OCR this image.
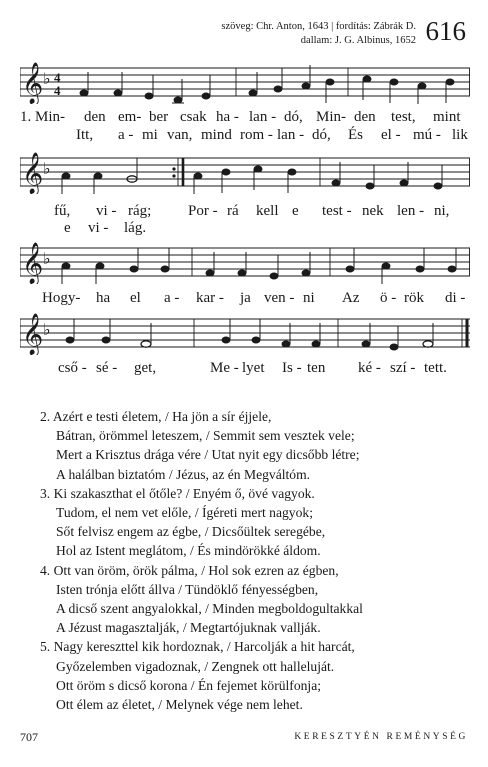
szöveg: Chr. Anton, 1643 | fordítás: Zábrák D.
dallam: J. G. Albinus, 1652 616
𝄞 ♭ 4
4
1. Min- den em- ber csak ha - lan - dó, Min- den test, mint
Itt, a - mi van, mind rom - lan - dó, És el - mú - lik
𝄞 ♭
fű, vi - rág; Por - rá kell e test - nek len - ni,
e vi - lág.
𝄞 ♭
Hogy- ha el a - kar - ja ven - ni Az ö - rök di -
𝄞 ♭
cső - sé - get,	Me - lyet Is - ten ké - szí - tett.
2. Azért e testi életem, / Ha jön a sír éjjele,
Bátran, örömmel leteszem, / Semmit sem vesztek vele;
Mert a Krisztus drága vére / Utat nyit egy dicsőbb létre;
A halálban biztatóm / Jézus, az én Megváltóm.
3. Ki szakaszthat el őtőle? / Enyém ő, övé vagyok.
Tudom, el nem vet előle, / Ígéreti mert nagyok;
Sőt felvisz engem az égbe, / Dicsőültek seregébe,
Hol az Istent meglátom, / És mindörökké áldom.
4. Ott van öröm, örök pálma, / Hol sok ezren az égben,
Isten trónja előtt állva / Tündöklő fényességben,
A dicső szent angyalokkal, / Minden megboldogultakkal
A Jézust magasztalják, / Megtartójuknak vallják.
5. Nagy kereszttel kik hordoznak, / Harcolják a hit harcát,
Győzelemben vigadoznak, / Zengnek ott halleluját.
Ott öröm s dicső korona / Én fejemet körülfonja;
Ott élem az életet, / Melynek vége nem lehet.
707	KERESZTYÉN REMÉNYSÉG
